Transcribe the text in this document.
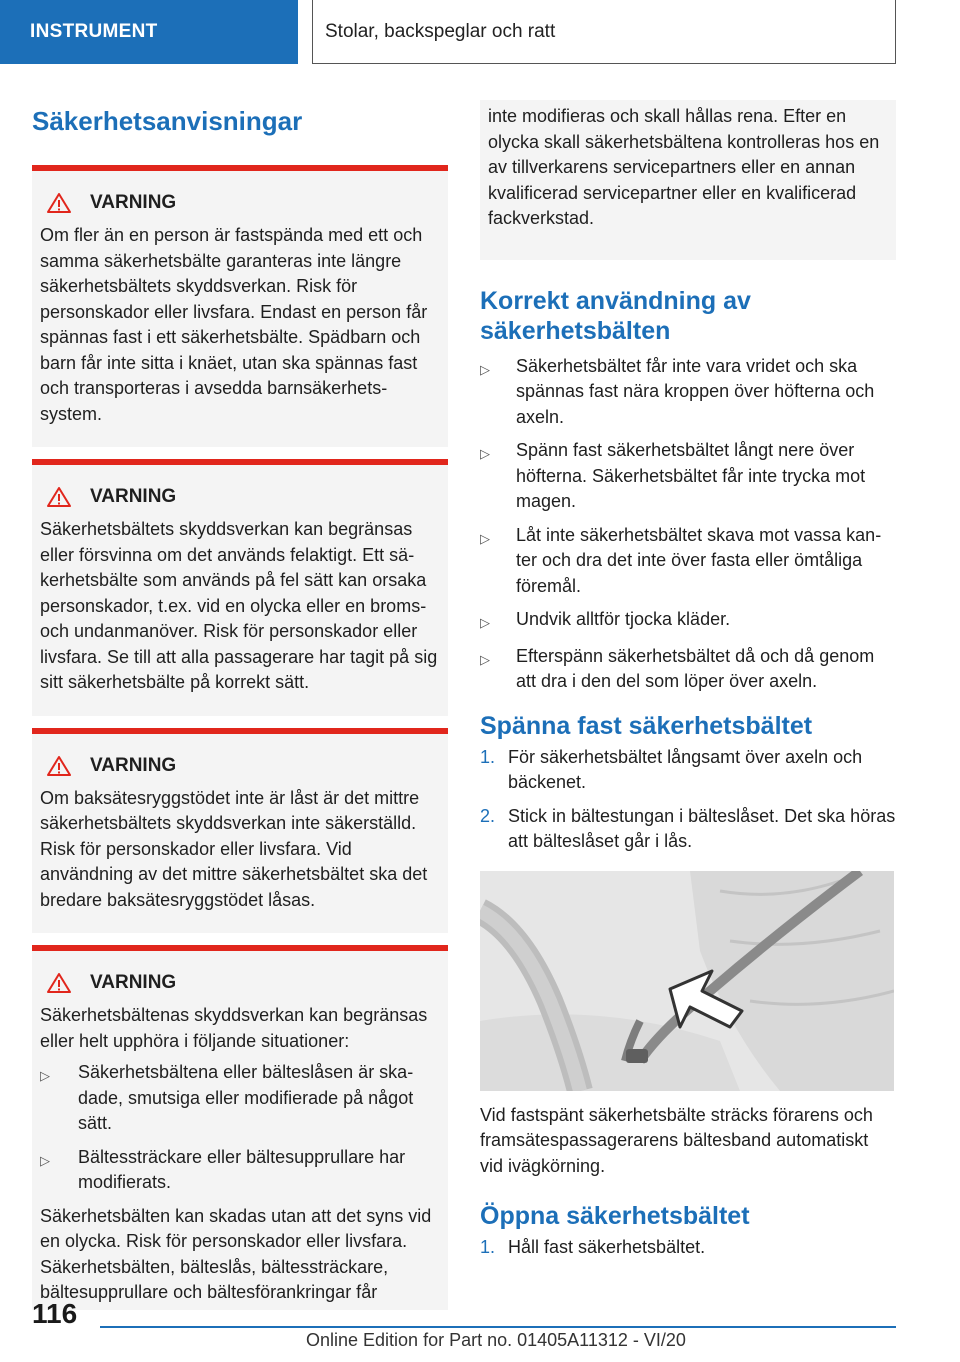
INSTRUMENT	Stolar, backspeglar och ratt
Säkerhetsanvisningar
VARNING

Om fler än en person är fastspända med ett och samma säkerhetsbälte garanteras inte längre säkerhetsbältets skyddsverkan. Risk för personskador eller livsfara. Endast en person får spännas fast i ett säkerhetsbälte. Spädbarn och barn får inte sitta i knäet, utan ska spännas fast och transporteras i avsedda barnsäkerhetssystem.

VARNING

Säkerhetsbältets skyddsverkan kan begränsas eller försvinna om det används felaktigt. Ett säkerhetsbälte som används på fel sätt kan orsaka personskador, t.ex. vid en olycka eller en broms- och undanmanöver. Risk för personskador eller livsfara. Se till att alla passagerare har tagit på sig sitt säkerhetsbälte på korrekt sätt.

VARNING

Om baksätesryggstödet inte är låst är det mittre säkerhetsbältets skyddsverkan inte säkerställd. Risk för personskador eller livsfara. Vid användning av det mittre säkerhetsbältet ska det bredare baksätesryggstödet låsas.

VARNING

Säkerhetsbältenas skyddsverkan kan begränsas eller helt upphöra i följande situationer:

▷	Säkerhetsbältena eller bälteslåsen är skadade, smutsiga eller modifierade på något sätt.
▷	Bältessträckare eller bältesupprullare har modifierats.

Säkerhetsbälten kan skadas utan att det syns vid en olycka. Risk för personskador eller livsfara. Säkerhetsbälten, bälteslås, bältessträckare, bältesupprullare och bältesförankringar får

inte modifieras och skall hållas rena. Efter en olycka skall säkerhetsbältena kontrolleras hos en av tillverkarens servicepartners eller en annan kvalificerad servicepartner eller en kvalificerad fackverkstad.

Korrekt användning av säkerhetsbälten
▷	Säkerhetsbältet får inte vara vridet och ska spännas fast nära kroppen över höfterna och axeln.
▷	Spänn fast säkerhetsbältet långt nere över höfterna. Säkerhetsbältet får inte trycka mot magen.
▷	Låt inte säkerhetsbältet skava mot vassa kanter och dra det inte över fasta eller ömtåliga föremål.
▷	Undvik alltför tjocka kläder.
▷	Efterspänn säkerhetsbältet då och då genom att dra i den del som löper över axeln.
Spänna fast säkerhetsbältet
1. För säkerhetsbältet långsamt över axeln och bäckenet.
2. Stick in bältestungan i bälteslåset. Det ska höras att bälteslåset går i lås.

Vid fastspänt säkerhetsbälte sträcks förarens och framsätespassagerarens bältesband automatiskt vid ivägkörning.

Öppna säkerhetsbältet
1. Håll fast säkerhetsbältet.
116
Online Edition for Part no. 01405A11312 - VI/20
